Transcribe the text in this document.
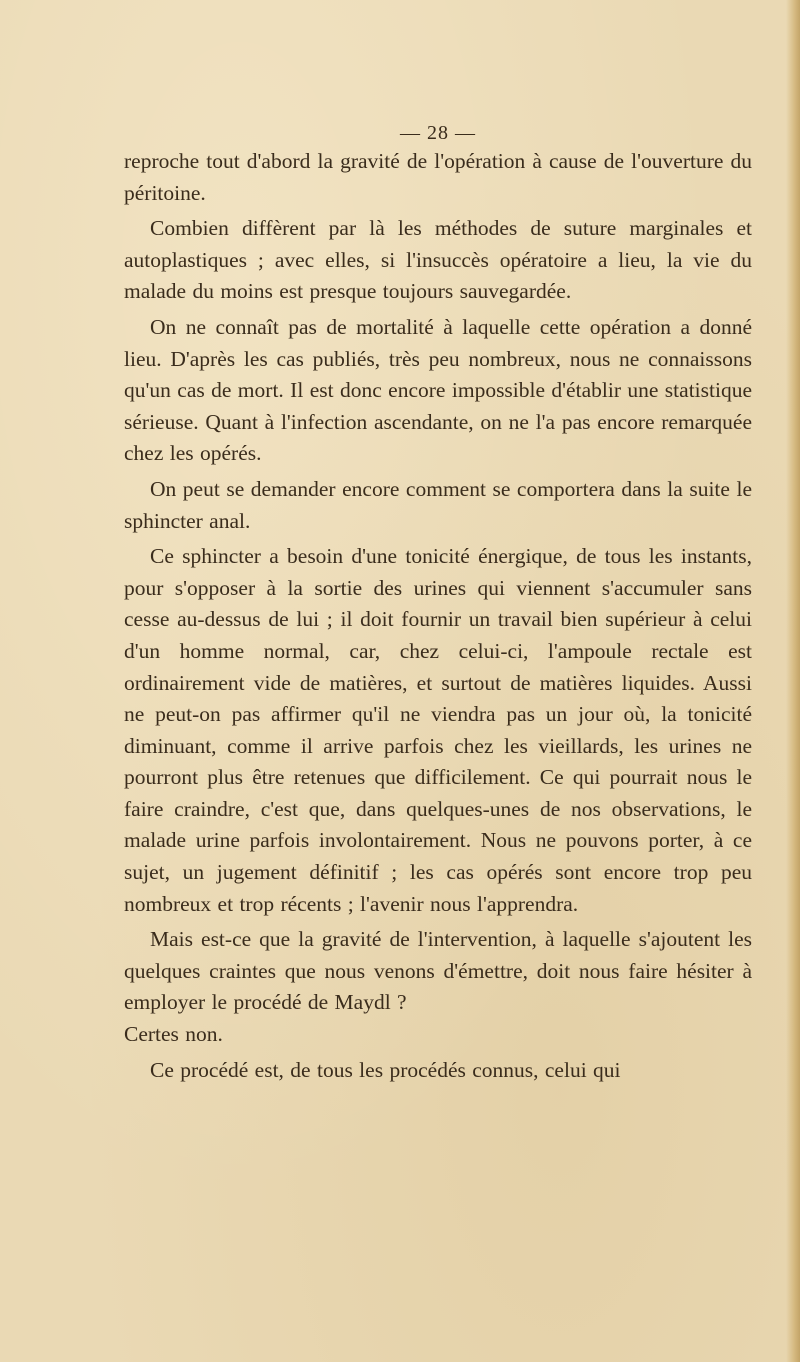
— 28 —

reproche tout d'abord la gravité de l'opération à cause de l'ouverture du péritoine.

Combien diffèrent par là les méthodes de suture marginales et autoplastiques ; avec elles, si l'insuccès opératoire a lieu, la vie du malade du moins est presque toujours sauvegardée.

On ne connaît pas de mortalité à laquelle cette opération a donné lieu. D'après les cas publiés, très peu nombreux, nous ne connaissons qu'un cas de mort. Il est donc encore impossible d'établir une statistique sérieuse. Quant à l'infection ascendante, on ne l'a pas encore remarquée chez les opérés.

On peut se demander encore comment se comportera dans la suite le sphincter anal.

Ce sphincter a besoin d'une tonicité énergique, de tous les instants, pour s'opposer à la sortie des urines qui viennent s'accumuler sans cesse au-dessus de lui ; il doit fournir un travail bien supérieur à celui d'un homme normal, car, chez celui-ci, l'ampoule rectale est ordinairement vide de matières, et surtout de matières liquides. Aussi ne peut-on pas affirmer qu'il ne viendra pas un jour où, la tonicité diminuant, comme il arrive parfois chez les vieillards, les urines ne pourront plus être retenues que difficilement. Ce qui pourrait nous le faire craindre, c'est que, dans quelques-unes de nos observations, le malade urine parfois involontairement. Nous ne pouvons porter, à ce sujet, un jugement définitif ; les cas opérés sont encore trop peu nombreux et trop récents ; l'avenir nous l'apprendra.

Mais est-ce que la gravité de l'intervention, à laquelle s'ajoutent les quelques craintes que nous venons d'émettre, doit nous faire hésiter à employer le procédé de Maydl ?

Certes non.

Ce procédé est, de tous les procédés connus, celui qui
